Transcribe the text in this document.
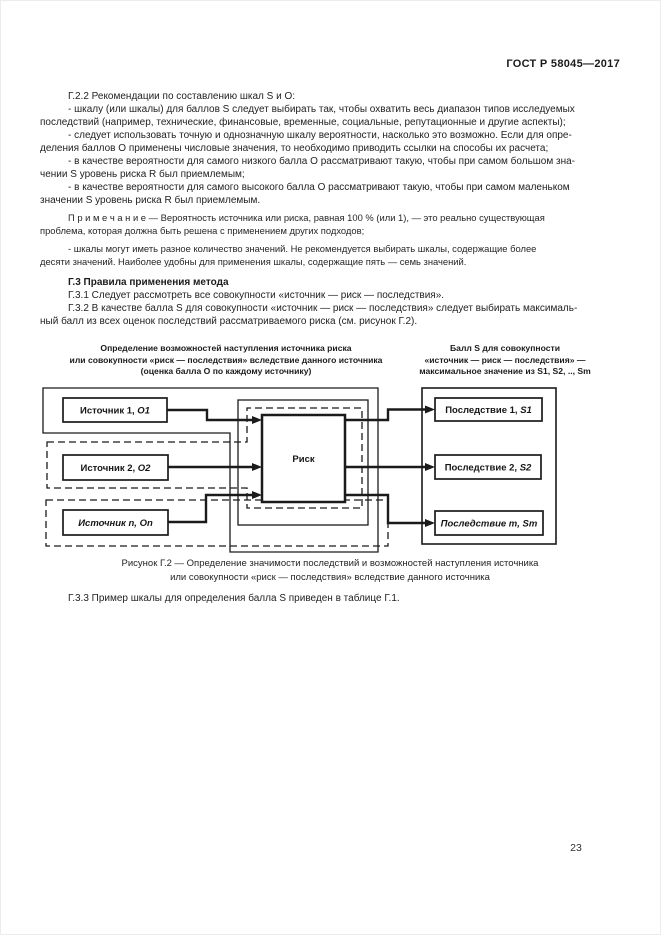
ГОСТ Р 58045—2017
Г.2.2 Рекомендации по составлению шкал S и O:
- шкалу (или шкалы) для баллов S следует выбирать так, чтобы охватить весь диапазон типов исследуемых
последствий (например, технические, финансовые, временные, социальные, репутационные и другие аспекты);
- следует использовать точную и однозначную шкалу вероятности, насколько это возможно. Если для опре-
деления баллов O применены числовые значения, то необходимо приводить ссылки на способы их расчета;
- в качестве вероятности для самого низкого балла O рассматривают такую, чтобы при самом большом зна-
чении S уровень риска R был приемлемым;
- в качестве вероятности для самого высокого балла O рассматривают такую, чтобы при самом маленьком
значении S уровень риска R был приемлемым.
П р и м е ч а н и е — Вероятность источника или риска, равная 100 % (или 1), — это реально существующая
проблема, которая должна быть решена с применением других подходов;
- шкалы могут иметь разное количество значений. Не рекомендуется выбирать шкалы, содержащие более
десяти значений. Наиболее удобны для применения шкалы, содержащие пять — семь значений.
Г.3 Правила применения метода
Г.3.1 Следует рассмотреть все совокупности «источник — риск — последствия».
Г.3.2 В качестве балла S для совокупности «источник — риск — последствия» следует выбирать максималь-
ный балл из всех оценок последствий рассматриваемого риска (см. рисунок Г.2).
Определение возможностей наступления источника риска
или совокупности «риск — последствия» вследствие данного источника
(оценка балла O по каждому источнику)
Балл S для совокупности
«источник — риск — последствия» —
максимальное значение из S1, S2, .., Sm
Источник 1, O1
Источник 2, O2
Источник n, On
Риск
Последствие 1, S1
Последствие 2, S2
Последствие m, Sm
Рисунок Г.2 — Определение значимости последствий и возможностей наступления источника
или совокупности «риск — последствия» вследствие данного источника
Г.3.3 Пример шкалы для определения балла S приведен в таблице Г.1.
23
